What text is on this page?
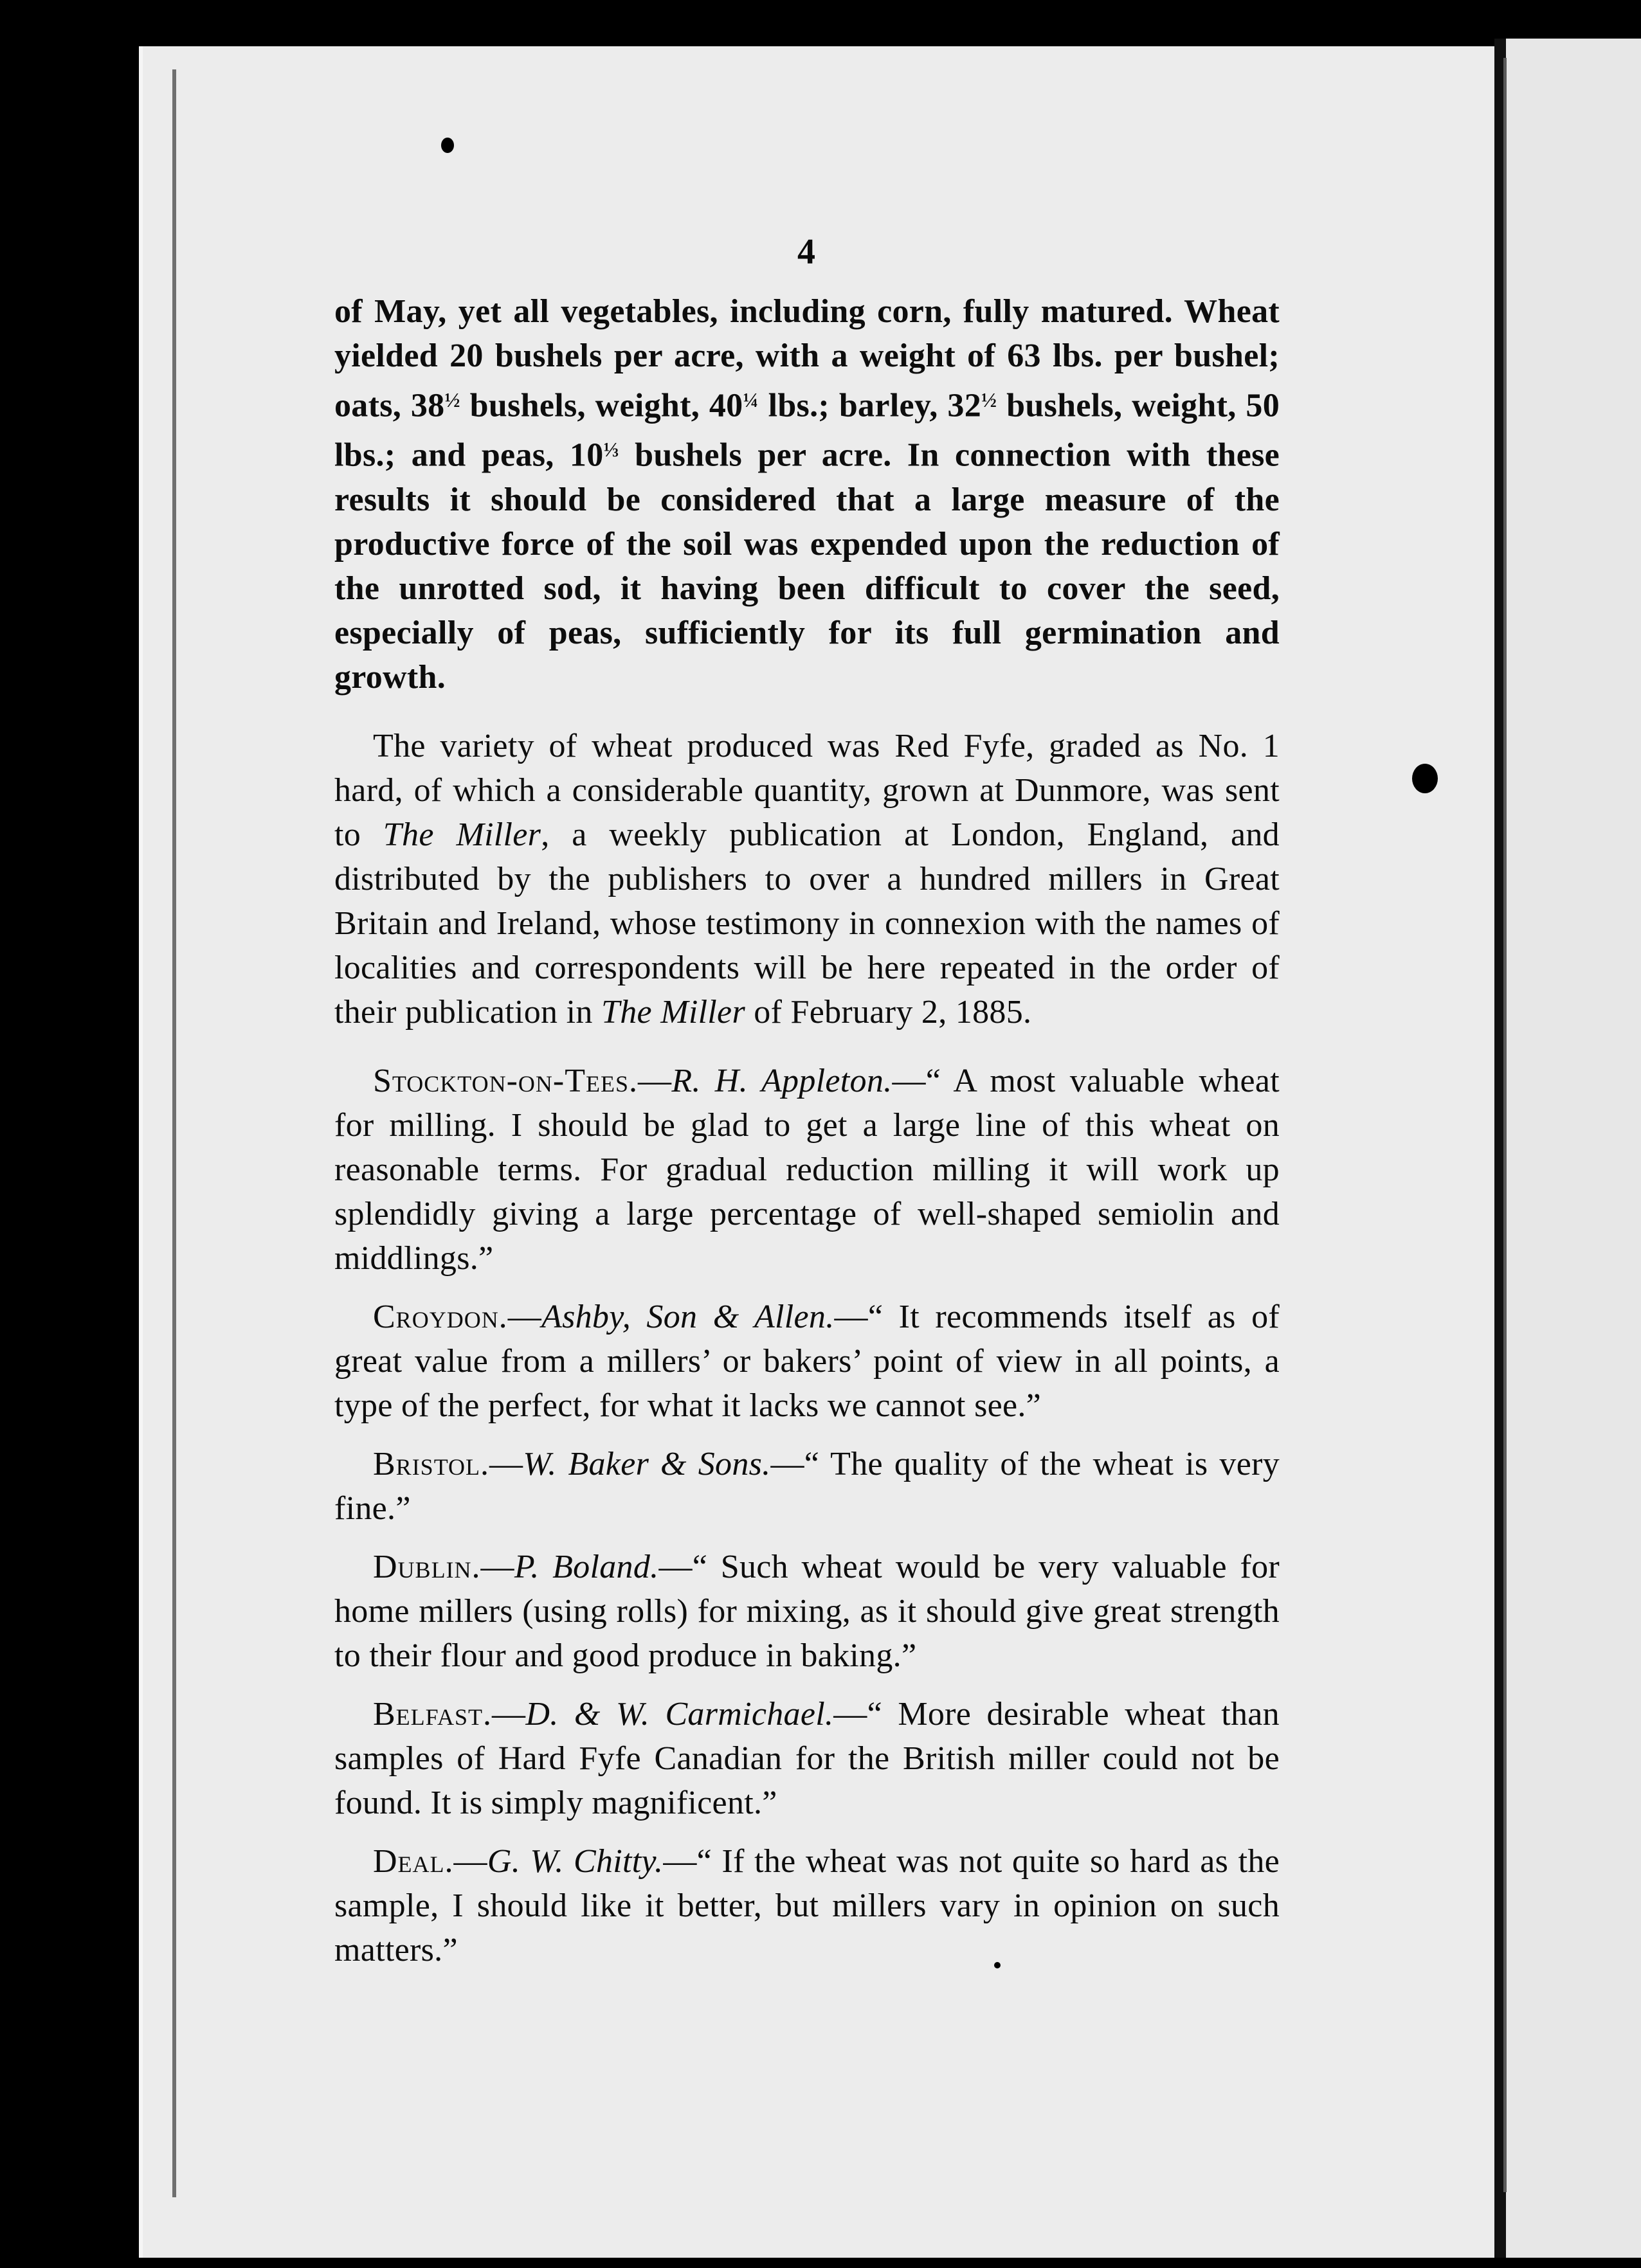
4

of May, yet all vegetables, including corn, fully matured. Wheat yielded 20 bushels per acre, with a weight of 63 lbs. per bushel; oats, $38^{\frac{1}{2}}$ bushels, weight, $40^{\frac{1}{4}}$ lbs.; barley, $32^{\frac{1}{2}}$ bushels, weight, 50 lbs.; and peas, $10^{\frac{1}{3}}$ bushels per acre. In connection with these results it should be considered that a large measure of the productive force of the soil was expended upon the reduction of the unrotted sod, it having been difficult to cover the seed, especially of peas, sufficiently for its full germination and growth.

The variety of wheat produced was Red Fyfe, graded as No. 1 hard, of which a considerable quantity, grown at Dunmore, was sent to The Miller, a weekly publication at London, England, and distributed by the publishers to over a hundred millers in Great Britain and Ireland, whose testimony in connexion with the names of localities and correspondents will be here repeated in the order of their publication in The Miller of February 2, 1885.

Stockton-on-Tees.—R. H. Appleton.—“ A most valuable wheat for milling. I should be glad to get a large line of this wheat on reasonable terms. For gradual reduction milling it will work up splendidly giving a large percentage of well-shaped semiolin and middlings.”

Croydon.—Ashby, Son & Allen.—“ It recommends itself as of great value from a millers’ or bakers’ point of view in all points, a type of the perfect, for what it lacks we cannot see.”

Bristol.—W. Baker & Sons.—“ The quality of the wheat is very fine.”

Dublin.—P. Boland.—“ Such wheat would be very valuable for home millers (using rolls) for mixing, as it should give great strength to their flour and good produce in baking.”

Belfast.—D. & W. Carmichael.—“ More desirable wheat than samples of Hard Fyfe Canadian for the British miller could not be found. It is simply magnificent.”

Deal.—G. W. Chitty.—“ If the wheat was not quite so hard as the sample, I should like it better, but millers vary in opinion on such matters.”
